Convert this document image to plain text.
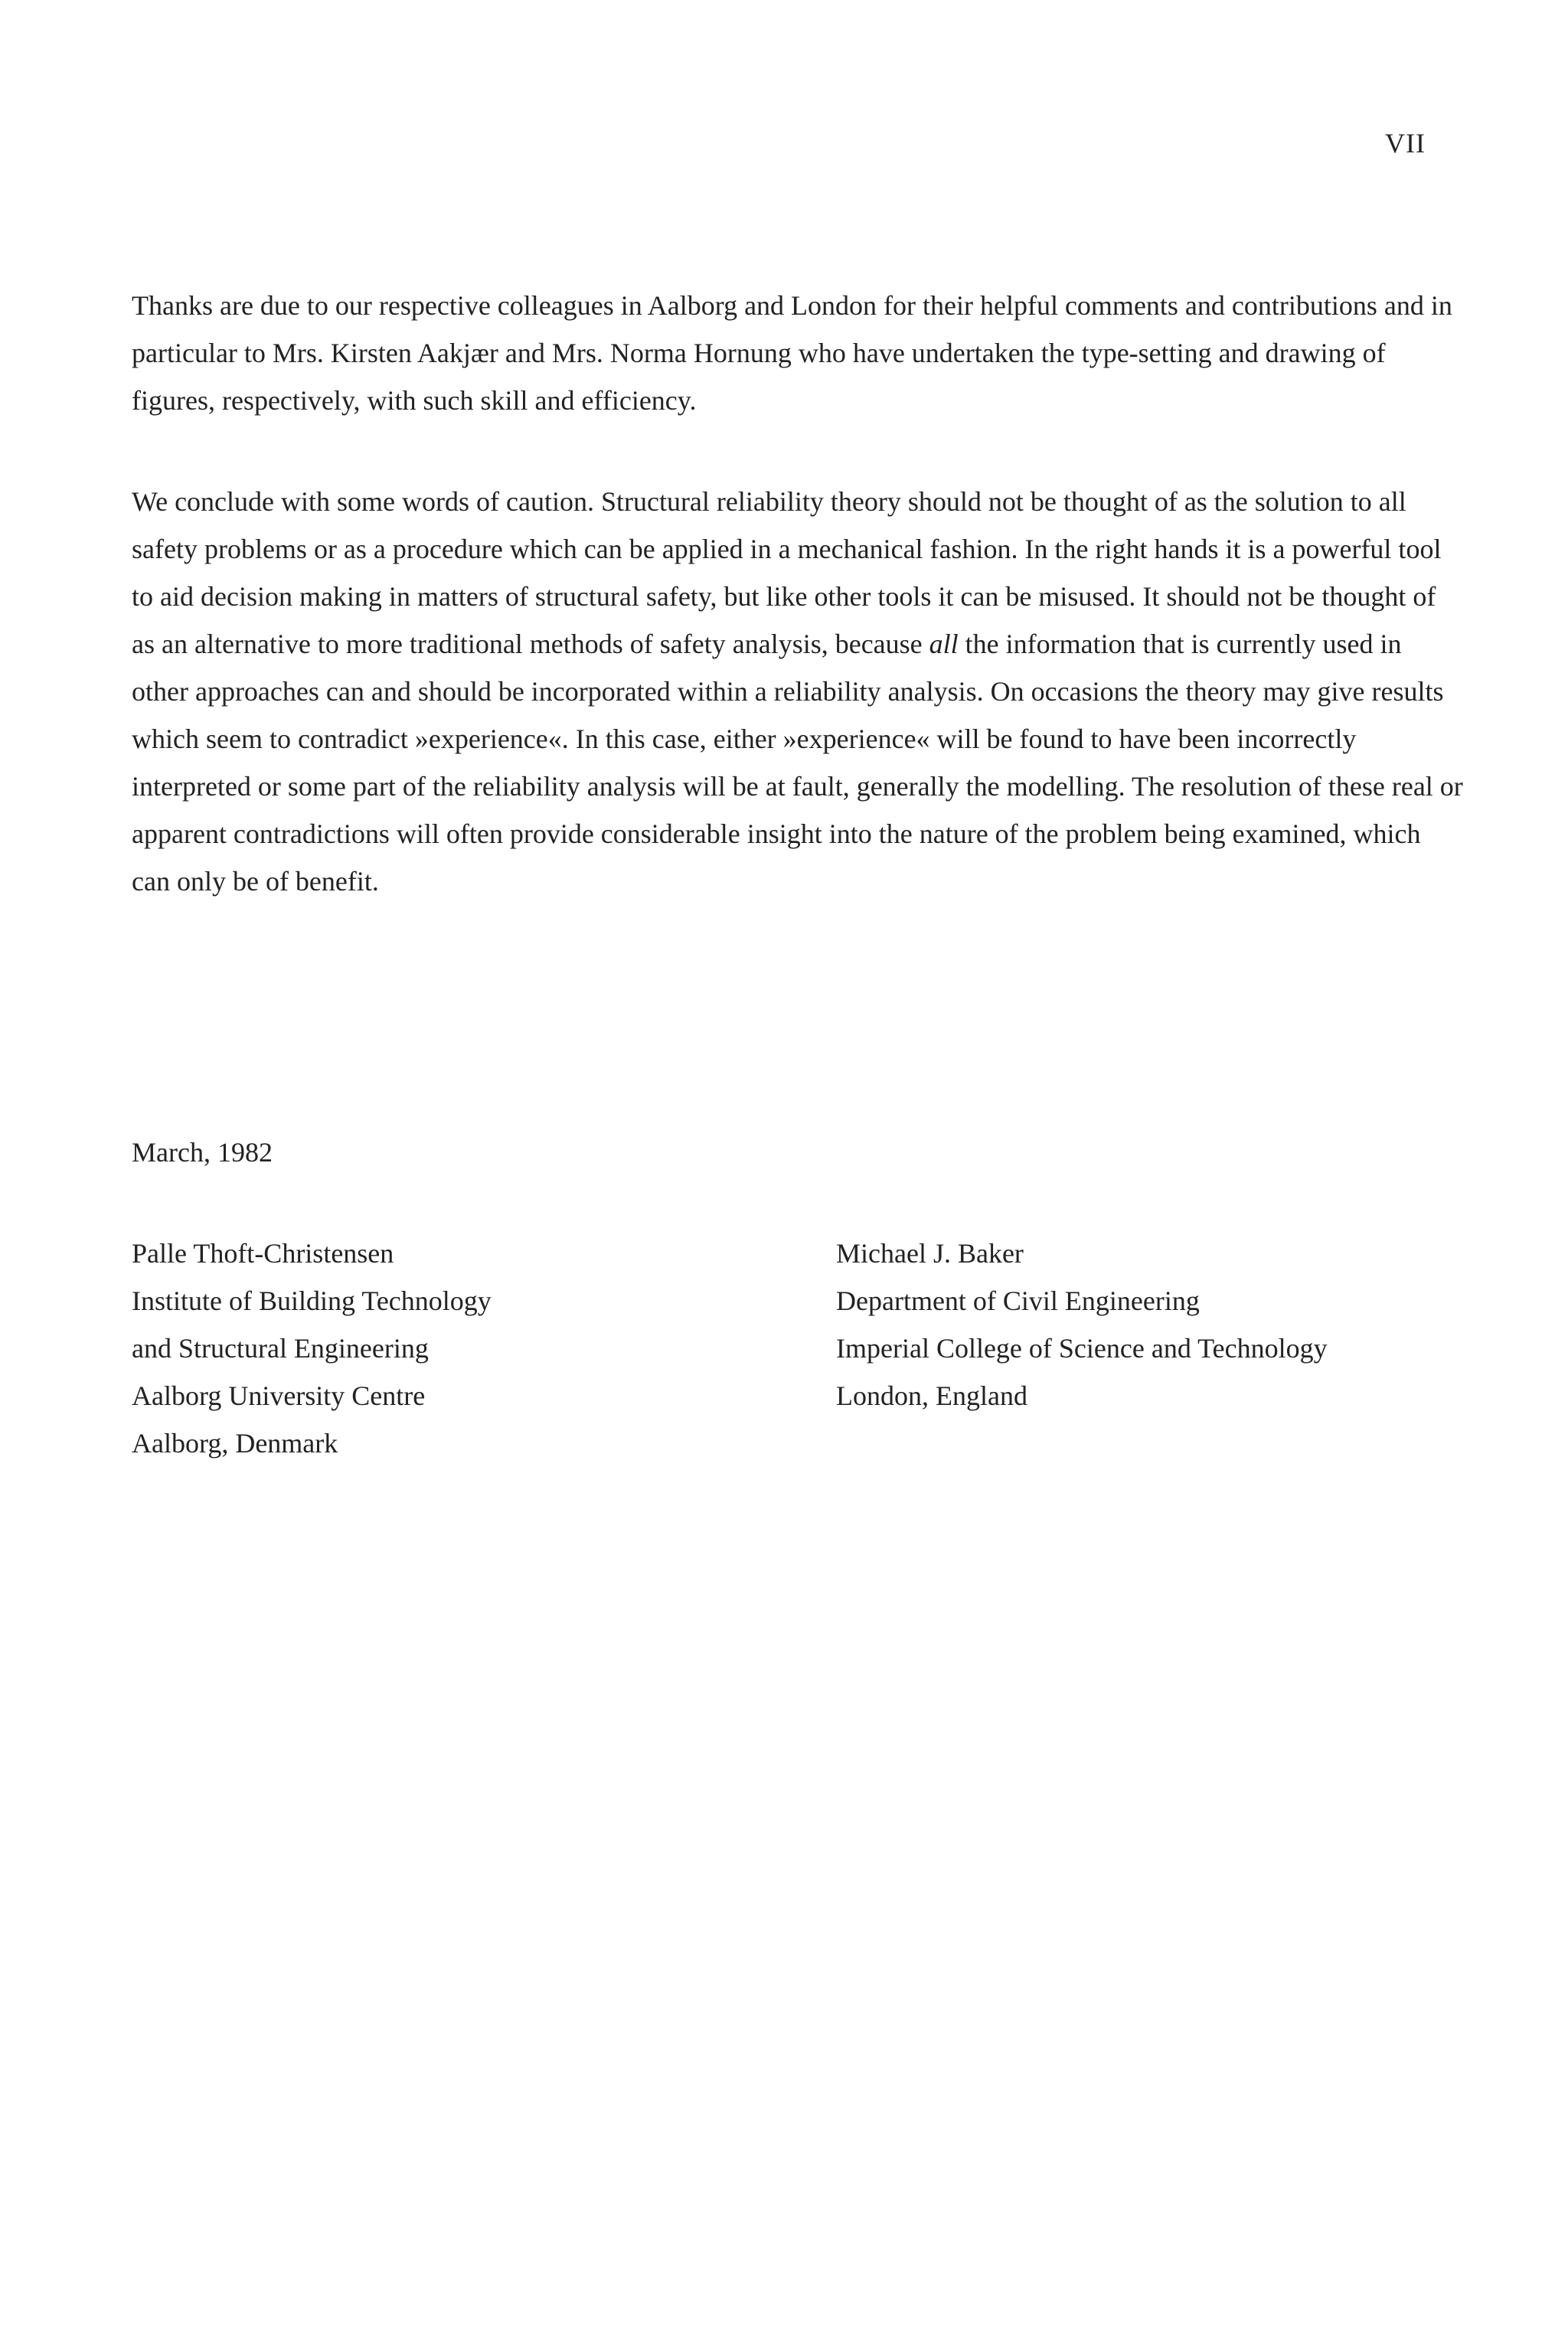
VII

Thanks are due to our respective colleagues in Aalborg and London for their helpful comments and contributions and in particular to Mrs. Kirsten Aakjær and Mrs. Norma Hornung who have undertaken the type-setting and drawing of figures, respectively, with such skill and efficiency.

We conclude with some words of caution. Structural reliability theory should not be thought of as the solution to all safety problems or as a procedure which can be applied in a mechanical fashion. In the right hands it is a powerful tool to aid decision making in matters of structural safety, but like other tools it can be misused. It should not be thought of as an alternative to more traditional methods of safety analysis, because all the information that is currently used in other approaches can and should be incorporated within a reliability analysis. On occasions the theory may give results which seem to contradict »experience«. In this case, either »experience« will be found to have been incorrectly interpreted or some part of the reliability analysis will be at fault, generally the modelling. The resolution of these real or apparent contradictions will often provide considerable insight into the nature of the problem being examined, which can only be of benefit.

March, 1982
Palle Thoft-Christensen
Institute of Building Technology
and Structural Engineering
Aalborg University Centre
Aalborg, Denmark
Michael J. Baker
Department of Civil Engineering
Imperial College of Science and Technology
London, England
